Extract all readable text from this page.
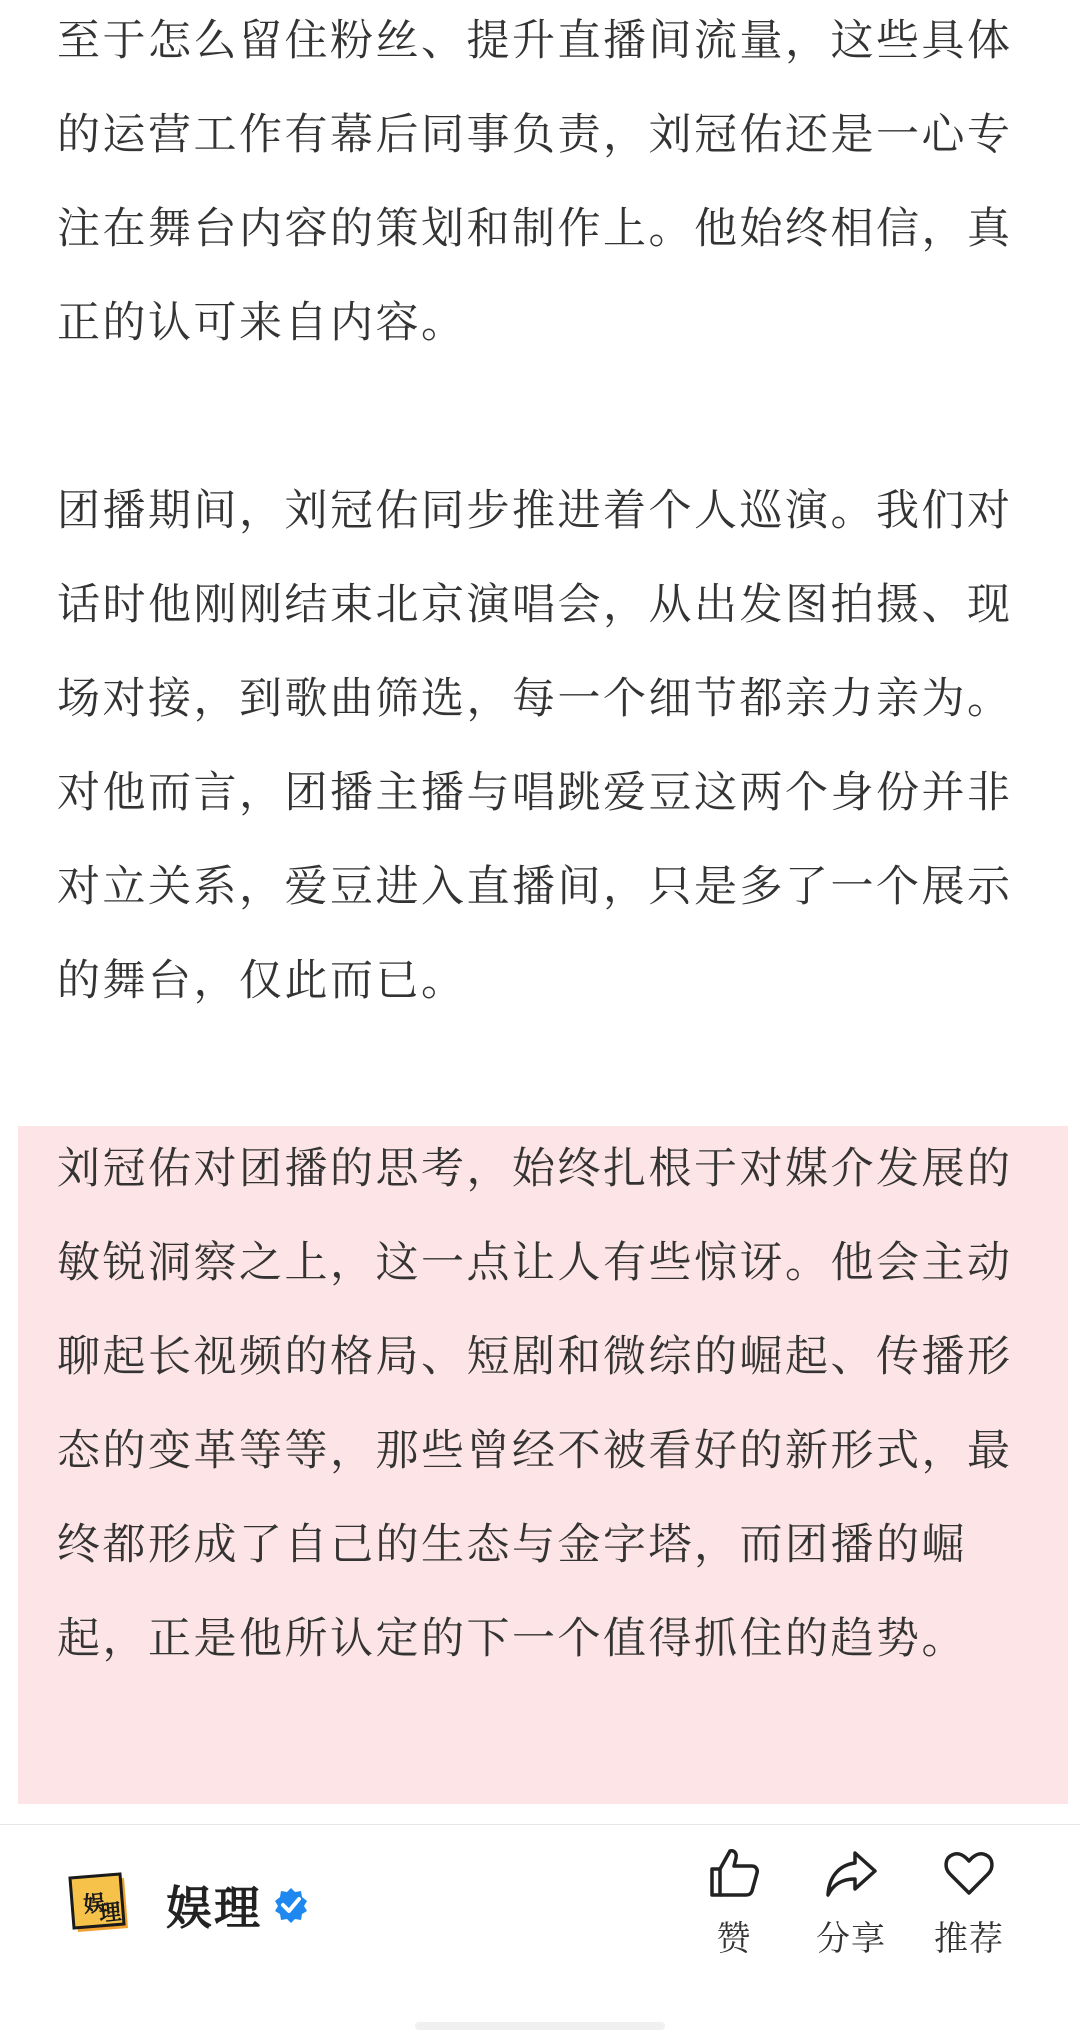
至于怎么留住粉丝、提升直播间流量，这些具体的运营工作有幕后同事负责，刘冠佑还是一心专注在舞台内容的策划和制作上。他始终相信，真正的认可来自内容。

团播期间，刘冠佑同步推进着个人巡演。我们对话时他刚刚结束北京演唱会，从出发图拍摄、现场对接，到歌曲筛选，每一个细节都亲力亲为。对他而言，团播主播与唱跳爱豆这两个身份并非对立关系，爱豆进入直播间，只是多了一个展示的舞台，仅此而已。

刘冠佑对团播的思考，始终扎根于对媒介发展的敏锐洞察之上，这一点让人有些惊讶。他会主动聊起长视频的格局、短剧和微综的崛起、传播形态的变革等等，那些曾经不被看好的新形式，最终都形成了自己的生态与金字塔，而团播的崛起，正是他所认定的下一个值得抓住的趋势。

娱
理 娱理
赞	分享	推荐
